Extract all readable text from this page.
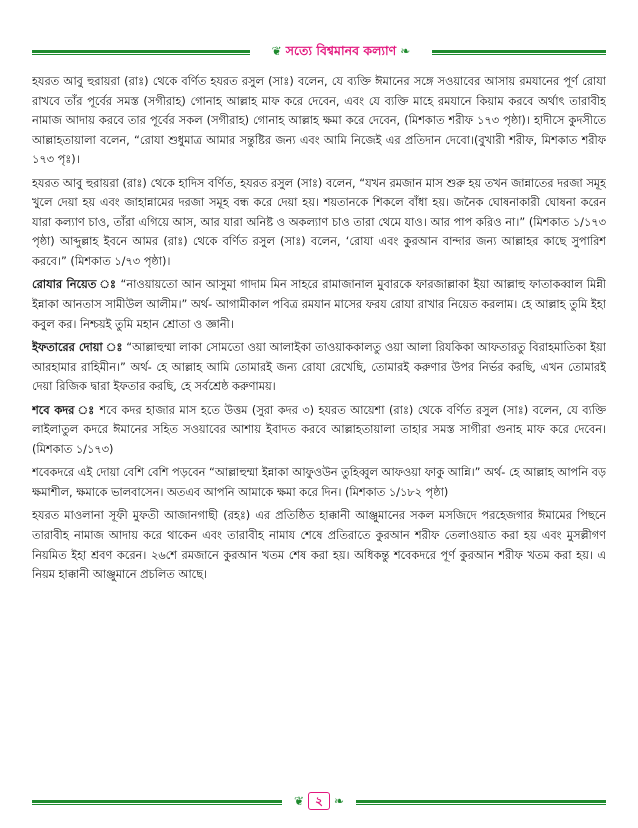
❦ সত্যে বিশ্বমানব কল্যাণ ❧

হযরত আবু হুরায়রা (রাঃ) থেকে বর্ণিত হযরত রসুল (সাঃ) বলেন, যে ব্যক্তি ঈমানের সঙ্গে সওয়াবের আসায় রমযানের পূর্ণ রোযা রাখবে তাঁর পূর্বের সমস্ত (সগীরাহ) গোনাহ আল্লাহ মাফ করে দেবেন, এবং যে ব্যক্তি মাহে রমযানে কিয়াম করবে অর্থাৎ তারাবীহ নামাজ আদায় করবে তার পূর্বের সকল (সগীরাহ) গোনাহ আল্লাহ ক্ষমা করে দেবেন, (মিশকাত শরীফ ১৭৩ পৃষ্ঠা)। হাদীসে কুদসীতে আল্লাহতায়ালা বলেন, “রোযা শুধুমাত্র আমার সন্তুষ্টির জন্য এবং আমি নিজেই এর প্রতিদান দেবো।(বুখারী শরীফ, মিশকাত শরীফ ১৭৩ পৃঃ)।

হযরত আবু হুরায়রা (রাঃ) থেকে হাদিস বর্ণিত, হযরত রসুল (সাঃ) বলেন, “যখন রমজান মাস শুরু হয় তখন জান্নাতের দরজা সমূহ খুলে দেয়া হয় এবং জাহান্নামের দরজা সমূহ বন্ধ করে দেয়া হয়। শয়তানকে শিকলে বাঁধা হয়। জনৈক ঘোষনাকারী ঘোষনা করেন যারা কল্যাণ চাও, তাঁরা এগিয়ে আস, আর যারা অনিষ্ট ও অকল্যাণ চাও তারা থেমে যাও। আর পাপ করিও না।” (মিশকাত ১/১৭৩ পৃষ্ঠা) আব্দুল্লাহ ইবনে আমর (রাঃ) থেকে বর্ণিত রসুল (সাঃ) বলেন, ‘রোযা এবং কুরআন বান্দার জন্য আল্লাহর কাছে সুপারিশ করবে।” (মিশকাত ১/৭৩ পৃষ্ঠা)।

রোযার নিয়েত ঃ “নাওয়ায়তো আন আসুমা গাদাম মিন সাহরে রামাজানাল মুবারকে ফারজাল্লাকা ইয়া আল্লাহু ফাতাকব্বাল মিন্নী ইন্নাকা আনতাস সামীউল আলীম।” অর্থ- আগামীকাল পবিত্র রমযান মাসের ফরয রোযা রাখার নিয়েত করলাম। হে আল্লাহ তুমি ইহা কবুল কর। নিশ্চয়ই তুমি মহান শ্রোতা ও জ্ঞানী।

ইফতারের দোয়া ঃ “আল্লাহুম্মা লাকা সোমতো ওয়া আলাইকা তাওয়াককালতু ওয়া আলা রিযকিকা আফতারতু বিরাহমাতিকা ইয়া আরহামার রাহিমীন।” অর্থ- হে আল্লাহ আমি তোমারই জন্য রোযা রেখেছি, তোমারই করুণার উপর নির্ভর করছি, এখন তোমারই দেয়া রিজিক দ্বারা ইফতার করছি, হে সর্বশ্রেষ্ঠ করুণাময়।

শবে কদর ঃ শবে কদর হাজার মাস হতে উত্তম (সুরা কদর ৩) হযরত আয়েশা (রাঃ) থেকে বর্ণিত রসুল (সাঃ) বলেন, যে ব্যক্তি লাইলাতুল কদরে ঈমানের সহিত সওয়াবের আশায় ইবাদত করবে আল্লাহতায়ালা তাহার সমস্ত সাগীরা গুনাহ মাফ করে দেবেন।(মিশকাত ১/১৭৩)

শবেকদরে এই দোয়া বেশি বেশি পড়বেন “আল্লাহুম্মা ইন্নাকা আফুওউন তুহিব্বুল আফওয়া ফাকু আন্নি।” অর্থ- হে আল্লাহ আপনি বড় ক্ষমাশীল, ক্ষমাকে ভালবাসেন। অতএব আপনি আমাকে ক্ষমা করে দিন। (মিশকাত ১/১৮২ পৃষ্ঠা)

হযরত মাওলানা সূফী মুফতী আজানগাছী (রহঃ) এর প্রতিষ্ঠিত হাক্কানী আঞ্জুমানের সকল মসজিদে পরহেজগার ঈমামের পিছনে তারাবীহ নামাজ আদায় করে থাকেন এবং তারাবীহ নামায শেষে প্রতিরাতে কুরআন শরীফ তেলাওয়াত করা হয় এবং মুসল্লীগণ নিয়মিত ইহা শ্রবণ করেন। ২৬শে রমজানে কুরআন খতম শেষ করা হয়। অধিকন্তু শবেকদরে পূর্ণ কুরআন শরীফ খতম করা হয়। এ নিয়ম হাক্কানী আঞ্জুমানে প্রচলিত আছে।

❦ ২ ❧
